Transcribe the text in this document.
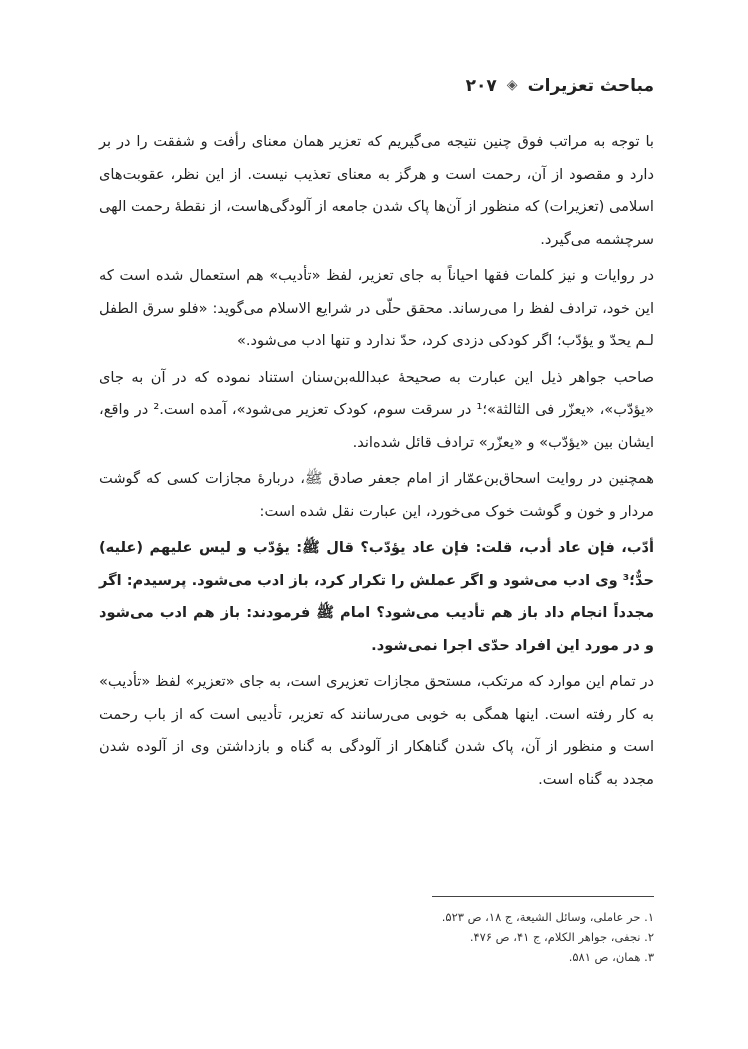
مباحث تعزیرات
◈
۲۰۷

با توجه به مراتب فوق چنین نتیجه می‌گیریم که تعزیر همان معنای رأفت و شفقت را در بر دارد و مقصود از آن، رحمت است و هرگز به معنای تعذیب نیست. از این نظر، عقوبت‌های اسلامی (تعزیرات) که منظور از آن‌ها پاک شدن جامعه از آلودگی‌هاست، از نقطهٔ رحمت الهی سرچشمه می‌گیرد.

در روایات و نیز کلمات فقها احیاناً به جای تعزیر، لفظ «تأدیب» هم استعمال شده است که این خود، ترادف لفظ را می‌رساند. محقق حلّی در شرایع الاسلام می‌گوید: «فلو سرق الطفل لـم یحدّ و یؤدّب؛ اگر کودکی دزدی کرد، حدّ ندارد و تنها ادب می‌شود.»

صاحب جواهر ذیل این عبارت به صحیحهٔ عبدالله‌بن‌سنان استناد نموده که در آن به جای «یؤدّب»، «یعزّر فی الثالثة»؛¹ در سرقت سوم، کودک تعزیر می‌شود»، آمده است.² در واقع، ایشان بین «یؤدّب» و «یعزّر» ترادف قائل شده‌اند.

همچنین در روایت اسحاق‌بن‌عمّار از امام جعفر صادق ﷺ، دربارهٔ مجازات کسی که گوشت مردار و خون و گوشت خوک می‌خورد، این عبارت نقل شده است:

أدّب، فإن عاد أدب، قلت: فإن عاد یؤدّب؟ قال ﷺ: یؤدّب و لیس علیهم (علیه) حدٌّ؛³ وی ادب می‌شود و اگر عملش را تکرار کرد، باز ادب می‌شود. پرسیدم: اگر مجدداً انجام داد باز هم تأدیب می‌شود؟ امام ﷺ فرمودند: باز هم ادب می‌شود و در مورد این افراد حدّی اجرا نمی‌شود.

در تمام این موارد که مرتکب، مستحق مجازات تعزیری است، به جای «تعزیر» لفظ «تأدیب» به کار رفته است. اینها همگی به خوبی می‌رسانند که تعزیر، تأدیبی است که از باب رحمت است و منظور از آن، پاک شدن گناهکار از آلودگی به گناه و بازداشتن وی از آلوده شدن مجدد به گناه است.

۱. حر عاملی، وسائل الشیعة، ج ۱۸، ص ۵۲۳.
۲. نجفی، جواهر الکلام، ج ۴۱، ص ۴۷۶.
۳. همان، ص ۵۸۱.
